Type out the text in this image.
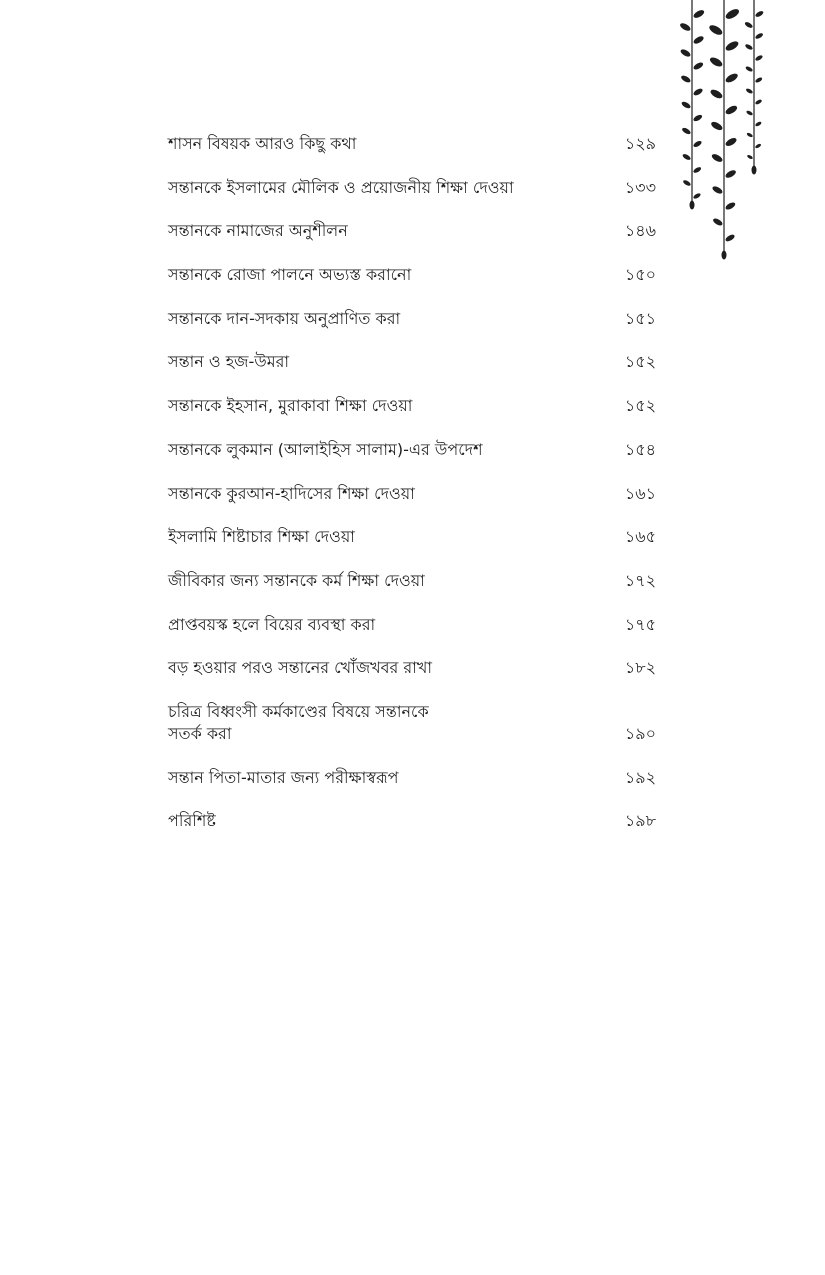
শাসন বিষয়ক আরও কিছু কথা	১২৯
সন্তানকে ইসলামের মৌলিক ও প্রয়োজনীয় শিক্ষা দেওয়া	১৩৩
সন্তানকে নামাজের অনুশীলন	১৪৬
সন্তানকে রোজা পালনে অভ্যস্ত করানো	১৫০
সন্তানকে দান-সদকায় অনুপ্রাণিত করা	১৫১
সন্তান ও হজ-উমরা	১৫২
সন্তানকে ইহসান, মুরাকাবা শিক্ষা দেওয়া	১৫২
সন্তানকে লুকমান (আলাইহিস সালাম)-এর উপদেশ	১৫৪
সন্তানকে কুরআন-হাদিসের শিক্ষা দেওয়া	১৬১
ইসলামি শিষ্টাচার শিক্ষা দেওয়া	১৬৫
জীবিকার জন্য সন্তানকে কর্ম শিক্ষা দেওয়া	১৭২
প্রাপ্তবয়স্ক হলে বিয়ের ব্যবস্থা করা	১৭৫
বড় হওয়ার পরও সন্তানের খোঁজখবর রাখা	১৮২
চরিত্র বিধ্বংসী কর্মকাণ্ডের বিষয়ে সন্তানকে
সতর্ক করা	১৯০
সন্তান পিতা-মাতার জন্য পরীক্ষাস্বরূপ	১৯২
পরিশিষ্ট	১৯৮
